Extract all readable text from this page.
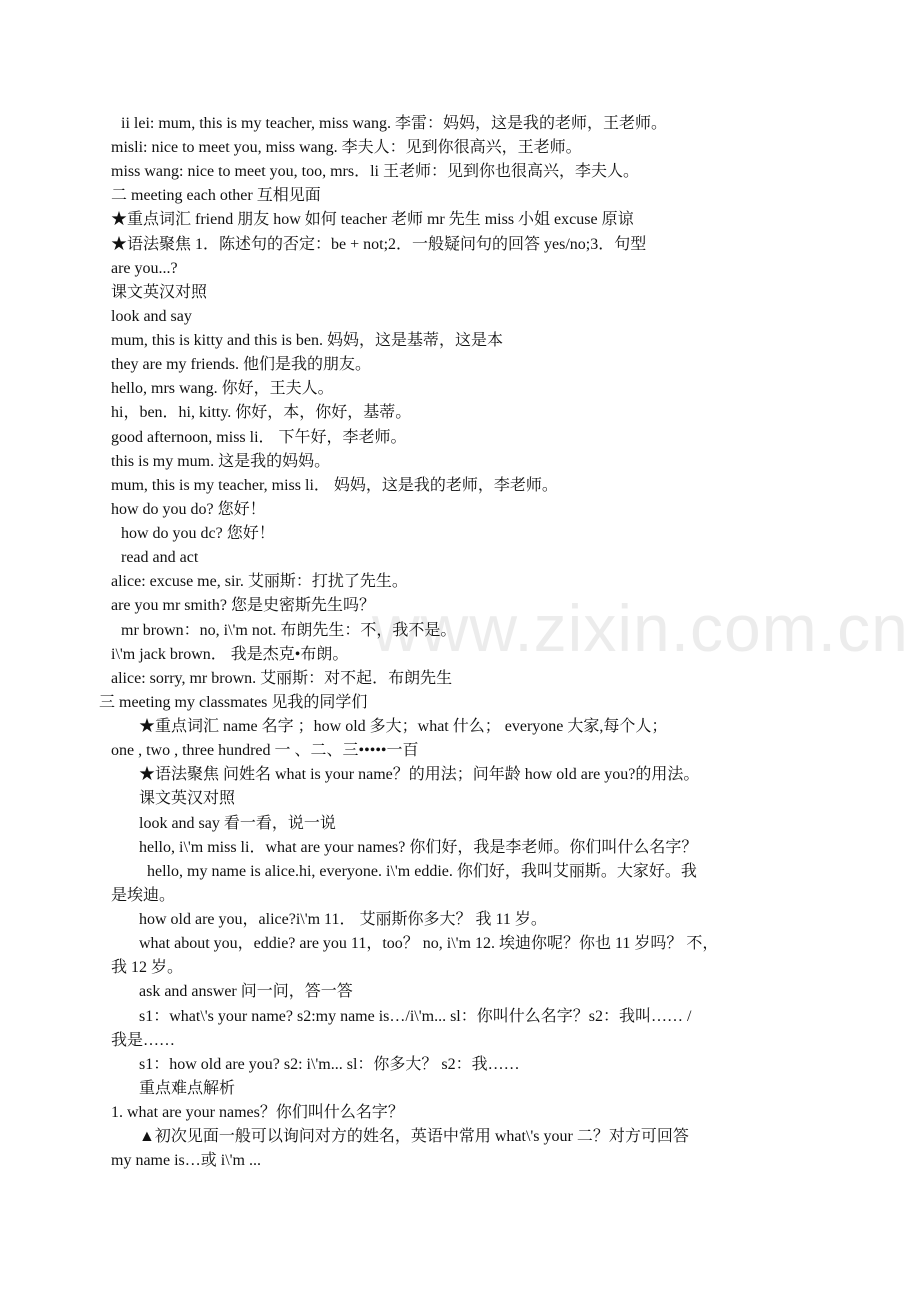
www.zixin.com.cn
ii lei: mum, this is my teacher, miss wang. 李雷：妈妈，这是我的老师，王老师。
misli: nice to meet you, miss wang. 李夫人：见到你很高兴，王老师。
miss wang: nice to meet you, too, mrs．li 王老师：见到你也很高兴，李夫人。
二 meeting each other 互相见面
★重点词汇 friend 朋友 how 如何 teacher 老师 mr 先生 miss 小姐 excuse 原谅
★语法聚焦 1．陈述句的否定：be + not;2．一般疑问句的回答 yes/no;3．句型
are you...?
课文英汉对照
look and say
mum, this is kitty and this is ben. 妈妈，这是基蒂，这是本
they are my friends. 他们是我的朋友。
hello, mrs wang. 你好，王夫人。
hi，ben．hi, kitty. 你好，本，你好，基蒂。
good afternoon, miss li． 下午好，李老师。
this is my mum. 这是我的妈妈。
mum, this is my teacher, miss li． 妈妈，这是我的老师，李老师。
how do you do? 您好！
how do you dc? 您好！
read and act
alice: excuse me, sir. 艾丽斯：打扰了先生。
are you mr smith? 您是史密斯先生吗？
mr brown：no, i\'m not. 布朗先生：不，我不是。
i\'m jack brown． 我是杰克•布朗。
alice: sorry, mr brown. 艾丽斯：对不起．布朗先生
三 meeting my classmates 见我的同学们
★重点词汇 name 名字 ；how old 多大；what 什么； everyone 大家,每个人；
one , two , three hundred 一 、二、三•••••一百
★语法聚焦 问姓名 what is your name？的用法；问年龄 how old are you?的用法。
课文英汉对照
look and say 看一看，说一说
hello, i\'m miss li．what are your names? 你们好，我是李老师。你们叫什么名字？
hello, my name is alice.hi, everyone. i\'m eddie. 你们好，我叫艾丽斯。大家好。我
是埃迪。
how old are you，alice?i\'m 11． 艾丽斯你多大？ 我 11 岁。
what about you，eddie? are you 11，too？ no, i\'m 12. 埃迪你呢？你也 11 岁吗？ 不，
我 12 岁。
ask and answer 问一问，答一答
s1：what\'s your name? s2:my name is…/i\'m... sl：你叫什么名字？s2：我叫…… /
我是……
s1：how old are you? s2: i\'m... sl：你多大？ s2：我……
重点难点解析
1. what are your names？你们叫什么名字？
▲初次见面一般可以询问对方的姓名，英语中常用 what\'s your 二？对方可回答
my name is…或 i\'m ...
